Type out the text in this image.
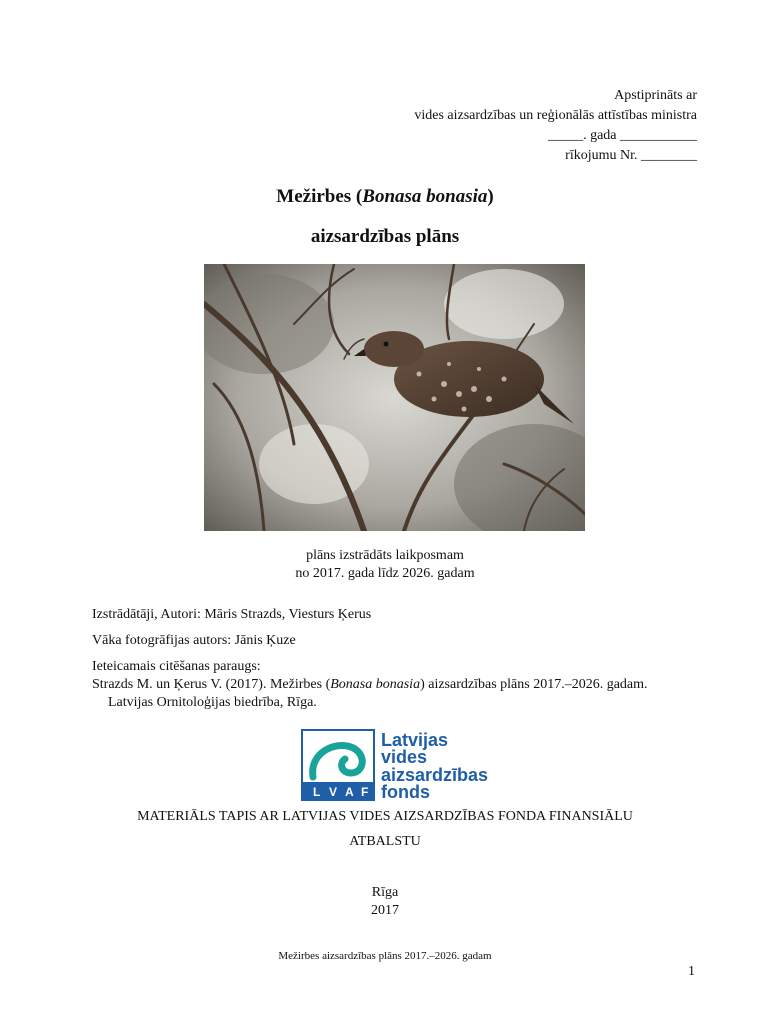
Apstiprināts ar
vides aizsardzības un reģionālās attīstības ministra
_____. gada ___________
rīkojumu Nr. ________
Mežirbes (Bonasa bonasia)
aizsardzības plāns
plāns izstrādāts laikposmam
no 2017. gada līdz 2026. gadam

Izstrādātāji, Autori: Māris Strazds, Viesturs Ķerus

Vāka fotogrāfijas autors: Jānis Ķuze

Ieteicamais citēšanas paraugs:

Strazds M. un Ķerus V. (2017). Mežirbes (Bonasa bonasia) aizsardzības plāns 2017.–2026. gadam. Latvijas Ornitoloģijas biedrība, Rīga.

L V A F
Latvijas
vides
aizsardzības
fonds
MATERIĀLS TAPIS AR LATVIJAS VIDES AIZSARDZĪBAS FONDA FINANSIĀLU
ATBALSTU
Rīga
2017
Mežirbes aizsardzības plāns 2017.–2026. gadam
1
